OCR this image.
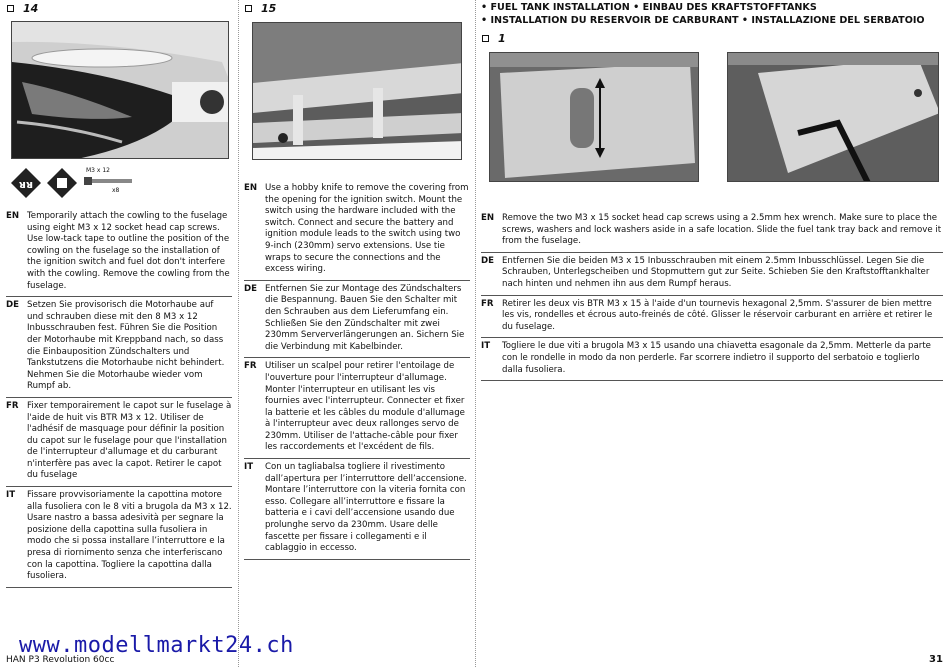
14
ᴚᴚ
M3 x 12
x8
EN Temporarily attach the cowling to the fuselage using eight M3 x 12 socket head cap screws. Use low-tack tape to outline the position of the cowling on the fuselage so the installation of the ignition switch and fuel dot don't interfere with the cowling. Remove the cowling from the fuselage.
DE Setzen Sie provisorisch die Motorhaube auf und schrauben diese mit den 8 M3 x 12 Inbusschrauben fest. Führen Sie die Position der Motorhaube mit Kreppband nach, so dass die Einbauposition Zündschalters und Tankstutzens die Motorhaube nicht behindert. Nehmen Sie die Motorhaube wieder vom Rumpf ab.
FR Fixer temporairement le capot sur le fuselage à l'aide de huit vis BTR M3 x 12. Utiliser de l'adhésif de masquage pour définir la position du capot sur le fuselage pour que l'installation de l'interrupteur d'allumage et du carburant n'interfère pas avec la capot. Retirer le capot du fuselage
IT	Fissare provvisoriamente la capottina motore alla fusoliera con le 8 viti a brugola da M3 x 12. Usare nastro a bassa adesività per segnare la posizione della capottina sulla fusoliera in modo che si possa installare l’interruttore e la presa di riornimento senza che interferiscano con la capottina. Togliere la capottina dalla fusoliera.
15
EN Use a hobby knife to remove the covering from the opening for the ignition switch. Mount the switch using the hardware included with the switch. Connect and secure the battery and ignition module leads to the switch using two 9-inch (230mm) servo extensions. Use tie wraps to secure the connections and the excess wiring.
DE Entfernen Sie zur Montage des Zündschalters die Bespannung. Bauen Sie den Schalter mit den Schrauben aus dem Lieferumfang ein. Schließen Sie den Zündschalter mit zwei 230mm Serververlängerungen an. Sichern Sie die Verbindung mit Kabelbinder.
FR Utiliser un scalpel pour retirer l'entoilage de l'ouverture pour l'interrupteur d'allumage. Monter l'interrupteur en utilisant les vis fournies avec l'interrupteur. Connecter et fixer la batterie et les câbles du module d'allumage à l'interrupteur avec deux rallonges servo de 230mm. Utiliser de l'attache-câble pour fixer les raccordements et l'excédent de fils.
IT	Con un tagliabalsa togliere il rivestimento dall’apertura per l’interruttore dell’accensione. Montare l’interruttore con la viteria fornita con esso. Collegare all’interruttore e fissare la batteria e i cavi dell’accensione usando due prolunghe servo da 230mm. Usare delle fascette per fissare i collegamenti e il cablaggio in eccesso.
• FUEL TANK INSTALLATION • EINBAU DES KRAFTSTOFFTANKS
• INSTALLATION DU RESERVOIR DE CARBURANT • INSTALLAZIONE DEL SERBATOIO
1
EN Remove the two M3 x 15 socket head cap screws using a 2.5mm hex wrench. Make sure to place the screws, washers and lock washers aside in a safe location. Slide the fuel tank tray back and remove it from the fuselage.
DE Entfernen Sie die beiden M3 x 15 Inbusschrauben mit einem 2.5mm Inbusschlüssel. Legen Sie die Schrauben, Unterlegscheiben und Stopmuttern gut zur Seite. Schieben Sie den Kraftstofftankhalter nach hinten und nehmen ihn aus dem Rumpf heraus.
FR Retirer les deux vis BTR M3 x 15 à l'aide d'un tournevis hexagonal 2,5mm. S'assurer de bien mettre les vis, rondelles et écrous auto-freinés de côté. Glisser le réservoir carburant en arrière et retirer le du fuselage.
IT	Togliere le due viti a brugola M3 x 15 usando una chiavetta esagonale da 2,5mm. Metterle da parte con le rondelle in modo da non perderle. Far scorrere indietro il supporto del serbatoio e toglierlo dalla fusoliera.
www.modellmarkt24.ch
HAN P3 Revolution 60cc	31
